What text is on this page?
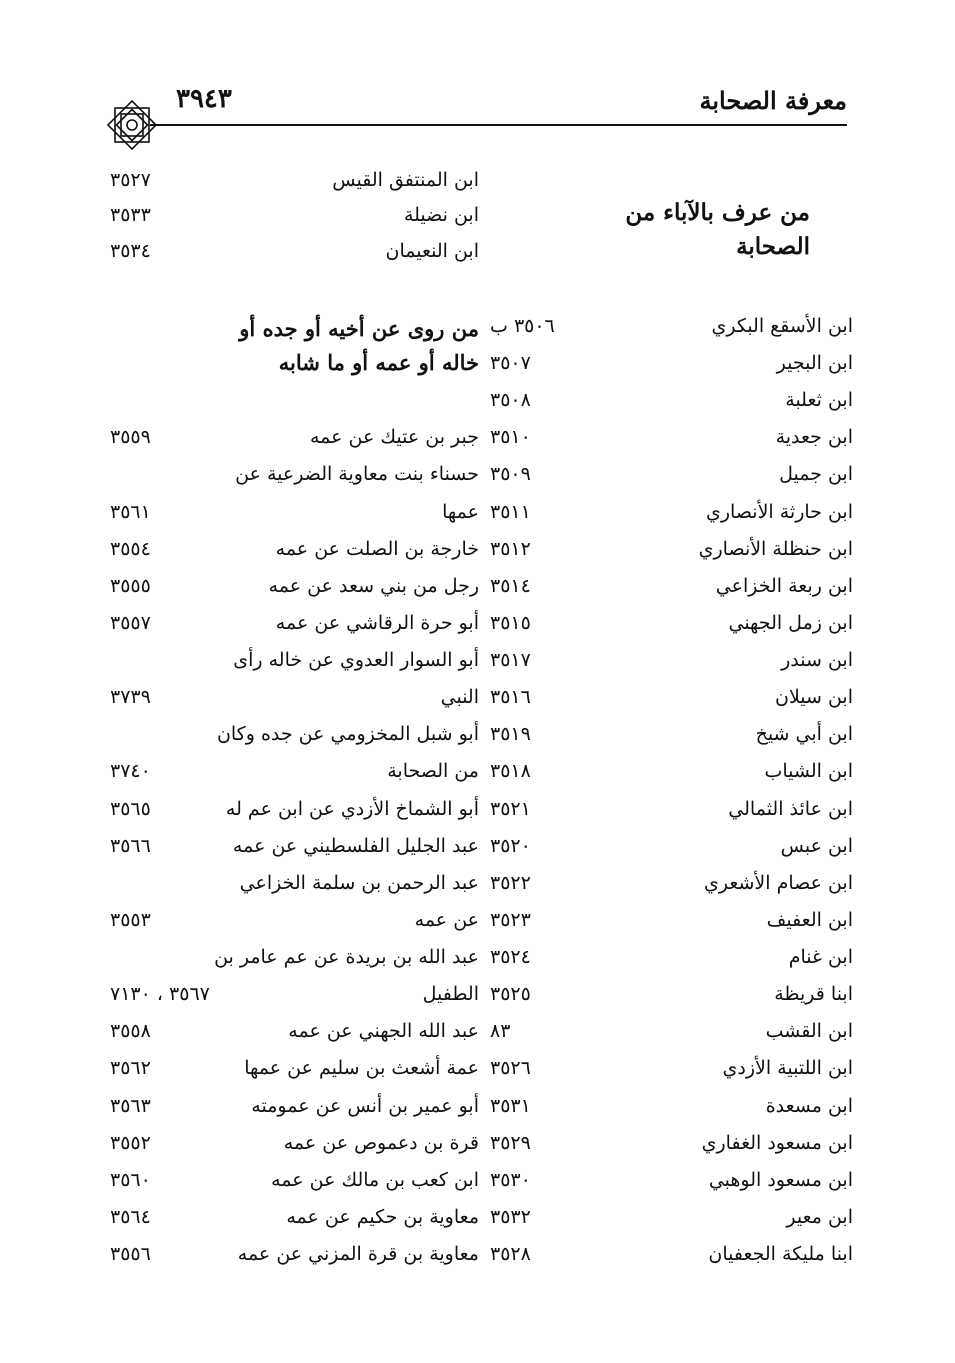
معرفة الصحابة
٣٩٤٣
ابن المنتفق القيس
٣٥٢٧
ابن نضيلة
٣٥٣٣
ابن النعيمان
٣٥٣٤
من عرف بالآباء من
الصحابة
من روى عن أخيه أو جده أو
خاله أو عمه أو ما شابه
ابن الأسقع البكري
٣٥٠٦ ب
ابن البجير
٣٥٠٧
ابن ثعلبة
٣٥٠٨
ابن جعدية
٣٥١٠
جبر بن عتيك عن عمه
٣٥٥٩
ابن جميل
٣٥٠٩
حسناء بنت معاوية الضرعية عن
ابن حارثة الأنصاري
٣٥١١
عمها
٣٥٦١
ابن حنظلة الأنصاري
٣٥١٢
خارجة بن الصلت عن عمه
٣٥٥٤
ابن ربعة الخزاعي
٣٥١٤
رجل من بني سعد عن عمه
٣٥٥٥
ابن زمل الجهني
٣٥١٥
أبو حرة الرقاشي عن عمه
٣٥٥٧
ابن سندر
٣٥١٧
أبو السوار العدوي عن خاله رأى
ابن سيلان
٣٥١٦
النبي
٣٧٣٩
ابن أبي شيخ
٣٥١٩
أبو شبل المخزومي عن جده وكان
ابن الشياب
٣٥١٨
من الصحابة
٣٧٤٠
ابن عائذ الثمالي
٣٥٢١
أبو الشماخ الأزدي عن ابن عم له
٣٥٦٥
ابن عبس
٣٥٢٠
عبد الجليل الفلسطيني عن عمه
٣٥٦٦
ابن عصام الأشعري
٣٥٢٢
عبد الرحمن بن سلمة الخزاعي
ابن العفيف
٣٥٢٣
عن عمه
٣٥٥٣
ابن غنام
٣٥٢٤
عبد الله بن بريدة عن عم عامر بن
ابنا قريظة
٣٥٢٥
الطفيل
٣٥٦٧ ، ٧١٣٠
ابن القشب
٨٣
عبد الله الجهني عن عمه
٣٥٥٨
ابن اللتبية الأزدي
٣٥٢٦
عمة أشعث بن سليم عن عمها
٣٥٦٢
ابن مسعدة
٣٥٣١
أبو عمير بن أنس عن عمومته
٣٥٦٣
ابن مسعود الغفاري
٣٥٢٩
قرة بن دعموص عن عمه
٣٥٥٢
ابن مسعود الوهبي
٣٥٣٠
ابن كعب بن مالك عن عمه
٣٥٦٠
ابن معير
٣٥٣٢
معاوية بن حكيم عن عمه
٣٥٦٤
ابنا مليكة الجعفيان
٣٥٢٨
معاوية بن قرة المزني عن عمه
٣٥٥٦
